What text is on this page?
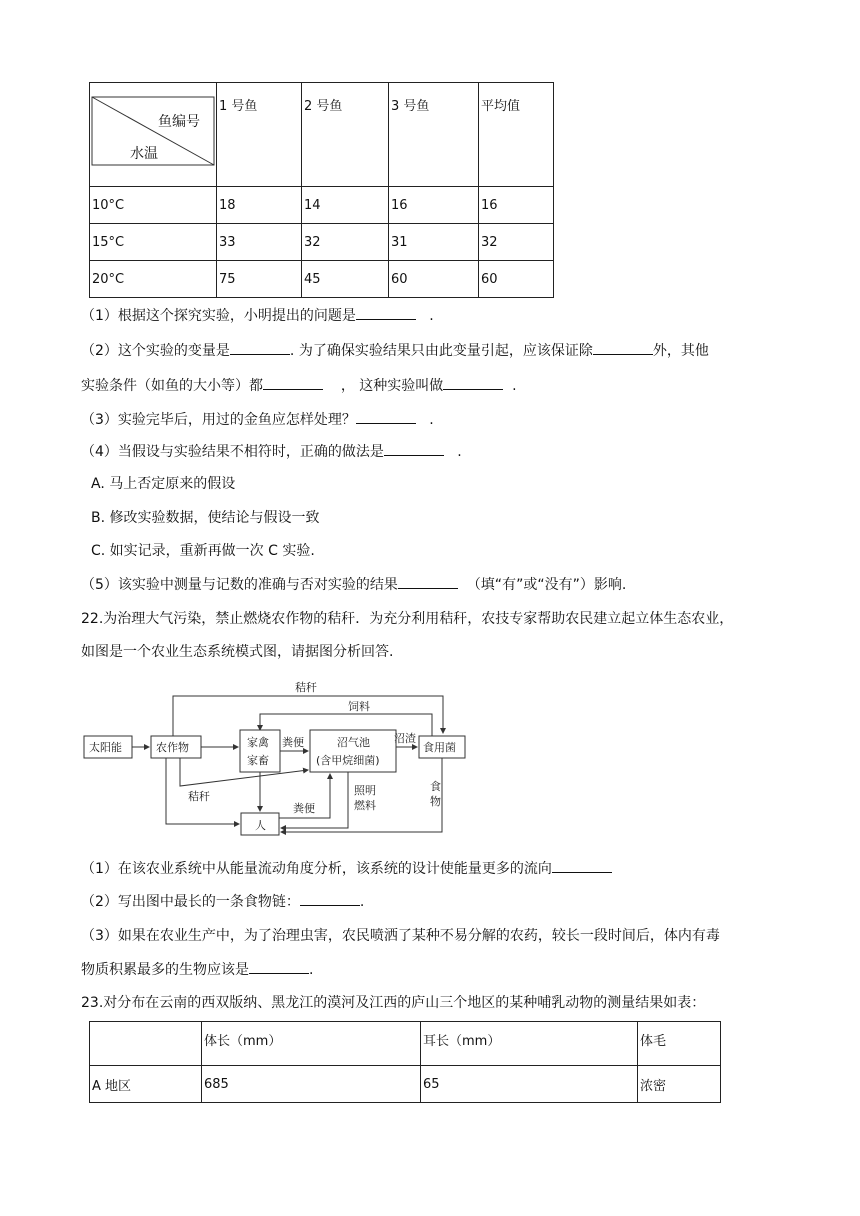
鱼编号
水温	1 号鱼	2 号鱼	3 号鱼	平均值
10°C	18	14	16	16
15°C	33	32	31	32
20°C	75	45	60	60
（1）根据这个探究实验，小明提出的问题是	.
（2）这个实验的变量是	. 为了确保实验结果只由此变量引起，应该保证除	外，其他
实验条件（如鱼的大小等）都	， 这种实验叫做	.
（3）实验完毕后，用过的金鱼应怎样处理？	.
（4）当假设与实验结果不相符时，正确的做法是	.
A. 马上否定原来的假设
B. 修改实验数据，使结论与假设一致
C. 如实记录，重新再做一次 C 实验.
（5）该实验中测量与记数的准确与否对实验的结果	（填“有”或“没有”）影响.
22.为治理大气污染，禁止燃烧农作物的秸秆．为充分利用秸秆，农技专家帮助农民建立起立体生态农业，
如图是一个农业生态系统模式图，请据图分析回答.
秸秆
饲料
太阳能	农作物	家禽
家畜
沼气池
(含甲烷细菌)
食用菌
人
粪便	沼渣
秸秆
粪便
照明
燃料
食
物
（1）在该农业系统中从能量流动角度分析，该系统的设计使能量更多的流向
（2）写出图中最长的一条食物链：	.
（3）如果在农业生产中，为了治理虫害，农民喷洒了某种不易分解的农药，较长一段时间后，体内有毒
物质积累最多的生物应该是	.
23.对分布在云南的西双版纳、黑龙江的漠河及江西的庐山三个地区的某种哺乳动物的测量结果如表：
	体长（mm）	耳长（mm）	体毛
A 地区	685	65	浓密
